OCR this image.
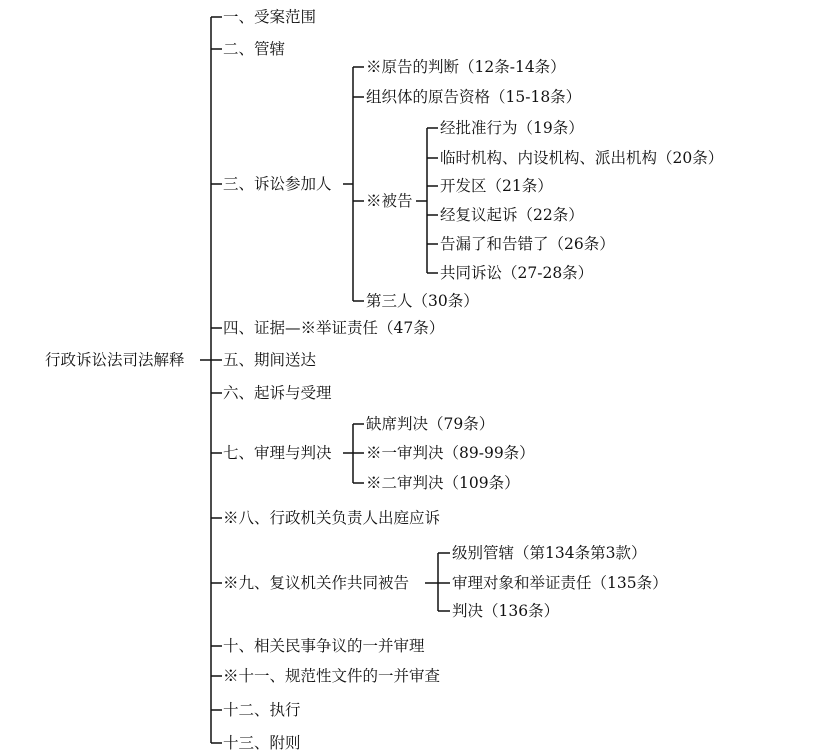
行政诉讼法司法解释
一、受案范围
二、管辖
三、诉讼参加人
四、证据—※举证责任（47条）
五、期间送达
六、起诉与受理
七、审理与判决
※八、行政机关负责人出庭应诉
※九、复议机关作共同被告
十、相关民事争议的一并审理
※十一、规范性文件的一并审查
十二、执行
十三、附则
※原告的判断（12条-14条）
组织体的原告资格（15-18条）
※被告
第三人（30条）
经批准行为（19条）
临时机构、内设机构、派出机构（20条）
开发区（21条）
经复议起诉（22条）
告漏了和告错了（26条）
共同诉讼（27-28条）
缺席判决（79条）
※一审判决（89-99条）
※二审判决（109条）
级别管辖（第134条第3款）
审理对象和举证责任（135条）
判决（136条）
